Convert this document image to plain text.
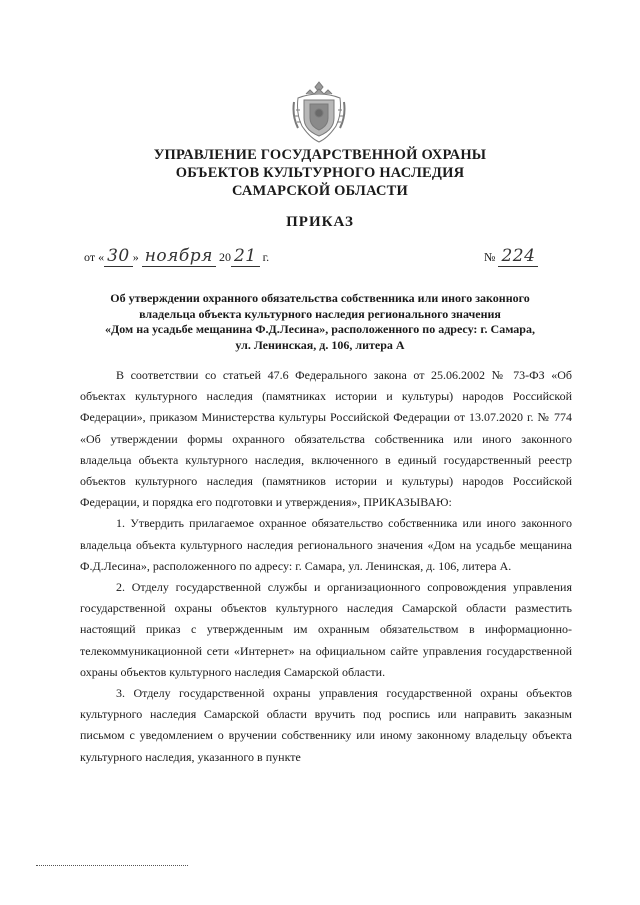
УПРАВЛЕНИЕ ГОСУДАРСТВЕННОЙ ОХРАНЫ
ОБЪЕКТОВ КУЛЬТУРНОГО НАСЛЕДИЯ
САМАРСКОЙ ОБЛАСТИ
ПРИКАЗ
от « 30 » ноября 20 21 г.	№ 224
Об утверждении охранного обязательства собственника или иного законного
владельца объекта культурного наследия регионального значения
«Дом на усадьбе мещанина Ф.Д.Лесина», расположенного по адресу: г. Самара,
ул. Ленинская, д. 106, литера А

В соответствии со статьей 47.6 Федерального закона от 25.06.2002 № 73-ФЗ «Об объектах культурного наследия (памятниках истории и культуры) народов Российской Федерации», приказом Министерства культуры Российской Федерации от 13.07.2020 г. № 774 «Об утверждении формы охранного обязательства собственника или иного законного владельца объекта культурного наследия, включенного в единый государственный реестр объектов культурного наследия (памятников истории и культуры) народов Российской Федерации, и порядка его подготовки и утверждения», ПРИКАЗЫВАЮ:

1. Утвердить прилагаемое охранное обязательство собственника или иного законного владельца объекта культурного наследия регионального значения «Дом на усадьбе мещанина Ф.Д.Лесина», расположенного по адресу: г. Самара, ул. Ленинская, д. 106, литера А.

2. Отделу государственной службы и организационного сопровождения управления государственной охраны объектов культурного наследия Самарской области разместить настоящий приказ с утвержденным им охранным обязательством в информационно-телекоммуникационной сети «Интернет» на официальном сайте управления государственной охраны объектов культурного наследия Самарской области.

3. Отделу государственной охраны управления государственной охраны объектов культурного наследия Самарской области вручить под роспись или направить заказным письмом с уведомлением о вручении собственнику или иному законному владельцу объекта культурного наследия, указанного в пункте
